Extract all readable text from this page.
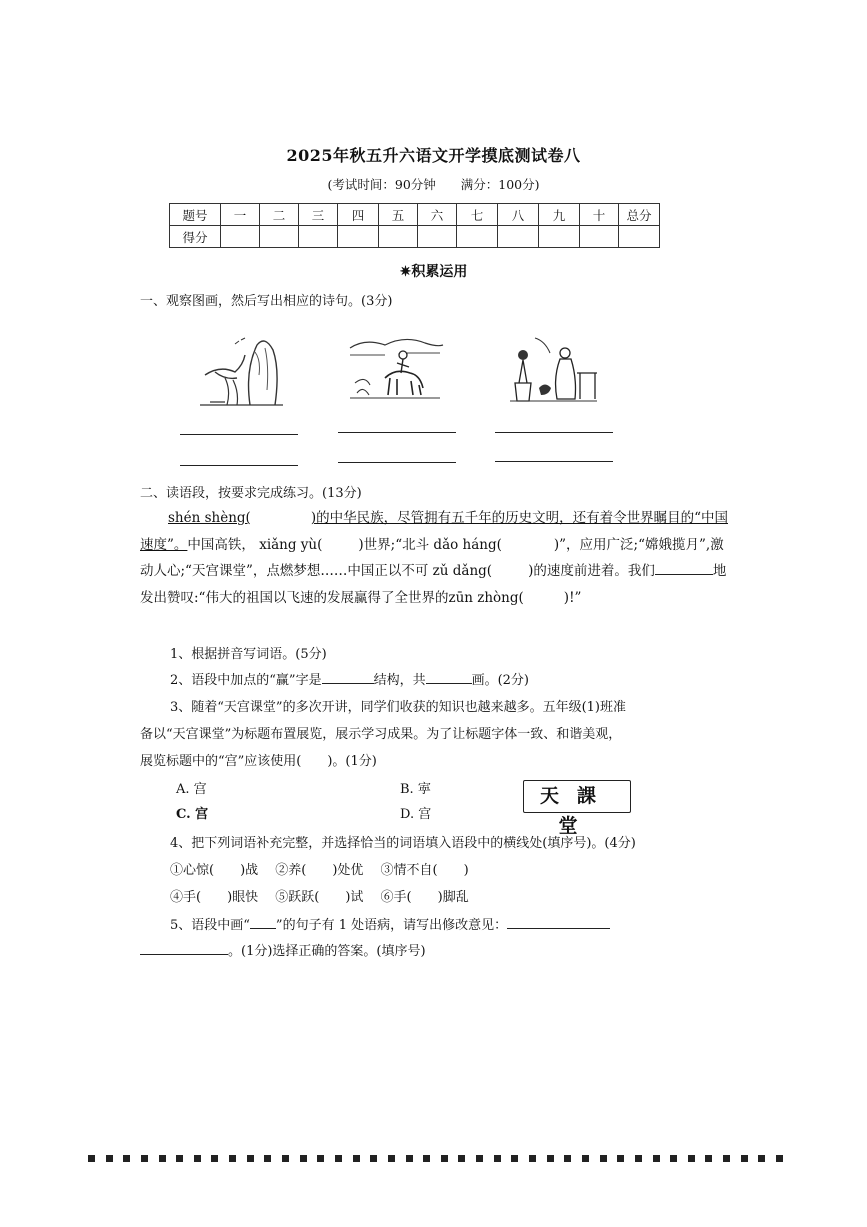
2025年秋五升六语文开学摸底测试卷八
(考试时间：90分钟　　满分：100分)
题号	一	二	三	四	五	六	七	八	九	十	总分
得分											
✷积累运用
一、观察图画，然后写出相应的诗句。(3分)
二、读语段，按要求完成练习。(13分)
shén shèng(	)的中华民族，尽管拥有五千年的历史文明，还有着令世界瞩目的“中国速度”。中国高铁， xiǎng yù(	)世界;“北斗 dǎo háng(	)”，应用广泛;“嫦娥揽月”,激动人心;“天宫课堂”，点燃梦想……中国正以不可 zǔ dǎng(	)的速度前进着。我们	地发出赞叹:“伟大的祖国以飞速的发展赢得了全世界的zūn zhòng(	)!”
1、根据拼音写词语。(5分)
2、语段中加点的“赢”字是	结构，共	画。(2分)
3、随着“天宫课堂”的多次开讲，同学们收获的知识也越来越多。五年级(1)班准
备以“天宫课堂”为标题布置展览，展示学习成果。为了让标题字体一致、和谐美观，
展览标题中的“宫”应该使用(　　)。(1分)
A. 宫	B. 𡨴
C. 宫	D. 宫
天課堂
4、把下列词语补充完整，并选择恰当的词语填入语段中的横线处(填序号)。(4分)
①心惊(　　)战　 ②养(　　)处优　 ③情不自(　　)
④手(　　)眼快　 ⑤跃跃(　　)试　 ⑥手(　　)脚乱
5、语段中画“ ”的句子有 1 处语病，请写出修改意见：
。(1分)选择正确的答案。(填序号)
